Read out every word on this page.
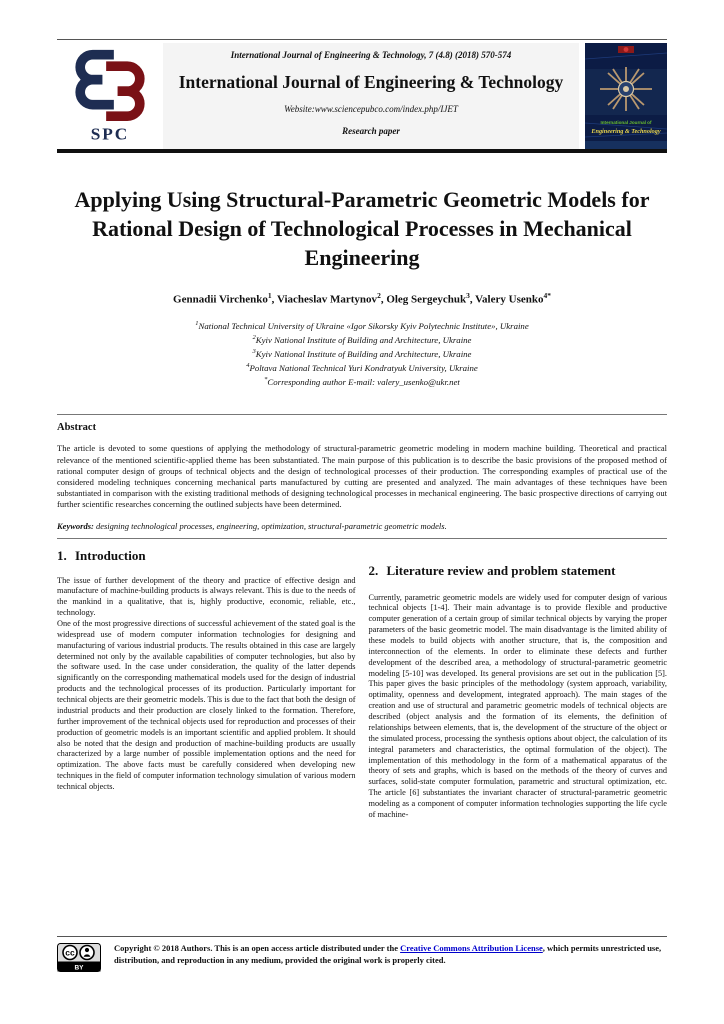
SPC
International Journal of Engineering & Technology, 7 (4.8) (2018) 570-574
International Journal of Engineering & Technology
Website:www.sciencepubco.com/index.php/IJET
Research paper
International Journal of
Engineering & Technology
Applying Using Structural-Parametric Geometric Models for Rational Design of Technological Processes in Mechanical Engineering
Gennadii Virchenko$^1$, Viacheslav Martynov$^2$, Oleg Sergeychuk$^3$, Valery Usenko$^{4*}$
$^1$National Technical University of Ukraine «Igor Sikorsky Kyiv Polytechnic Institute», Ukraine
$^2$Kyiv National Institute of Building and Architecture, Ukraine
$^3$Kyiv National Institute of Building and Architecture, Ukraine
$^4$Poltava National Technical Yuri Kondratyuk University, Ukraine
*Corresponding author E-mail: valery_usenko@ukr.net
Abstract
The article is devoted to some questions of applying the methodology of structural-parametric geometric modeling in modern machine building. Theoretical and practical relevance of the mentioned scientific-applied theme has been substantiated. The main purpose of this publication is to describe the basic provisions of the proposed method of rational computer design of groups of technical objects and the design of technological processes of their production. The corresponding examples of practical use of the considered modeling techniques concerning mechanical parts manufactured by cutting are presented and analyzed. The main advantages of these techniques have been substantiated in comparison with the existing traditional methods of designing technological processes in mechanical engineering. The basic prospective directions of carrying out further scientific researches concerning the outlined subjects have been determined.
Keywords: designing technological processes, engineering, optimization, structural-parametric geometric models.
1. Introduction

The issue of further development of the theory and practice of effective design and manufacture of machine-building products is always relevant. This is due to the needs of the mankind in a qualitative, that is, highly productive, economic, reliable, etc., technology.

One of the most progressive directions of successful achievement of the stated goal is the widespread use of modern computer information technologies for designing and manufacturing of various industrial products. The results obtained in this case are largely determined not only by the available capabilities of computer technologies, but also by the software used. In the case under consideration, the quality of the latter depends significantly on the corresponding mathematical models used for the design of industrial products and the technological processes of its production. Particularly important for technical objects are their geometric models. This is due to the fact that both the design of industrial products and their production are closely linked to the formation. Therefore, further improvement of the technical objects used for reproduction and processes of their production of geometric models is an important scientific and applied problem. It should also be noted that the design and production of machine-building products are usually characterized by a large number of possible implementation options and the need for optimization. The above facts must be carefully considered when developing new techniques in the field of computer information technology simulation of various modern technical objects.

2. Literature review and problem statement

Currently, parametric geometric models are widely used for computer design of various technical objects [1-4]. Their main advantage is to provide flexible and productive computer generation of a certain group of similar technical objects by varying the proper parameters of the basic geometric model. The main disadvantage is the limited ability of these models to build objects with another structure, that is, the composition and interconnection of the elements. In order to eliminate these defects and further development of the described area, a methodology of structural-parametric geometric modeling [5-10] was developed. Its general provisions are set out in the publication [5]. This paper gives the basic principles of the methodology (system approach, variability, optimality, openness and development, integrated approach). The main stages of the creation and use of structural and parametric geometric models of technical objects are described (object analysis and the formation of its elements, the definition of relationships between elements, that is, the development of the structure of the object or the simulated process, processing the synthesis options about object, the calculation of its integral parameters and characteristics, the optimal formulation of the object). The implementation of this methodology in the form of a mathematical apparatus of the theory of sets and graphs, which is based on the methods of the theory of curves and surfaces, solid-state computer formulation, parametric and structural optimization, etc. The article [6] substantiates the invariant character of structural-parametric geometric modeling as a component of computer information technologies supporting the life cycle of machine-

cc
BY
Copyright © 2018 Authors. This is an open access article distributed under the Creative Commons Attribution License, which permits unrestricted use, distribution, and reproduction in any medium, provided the original work is properly cited.
